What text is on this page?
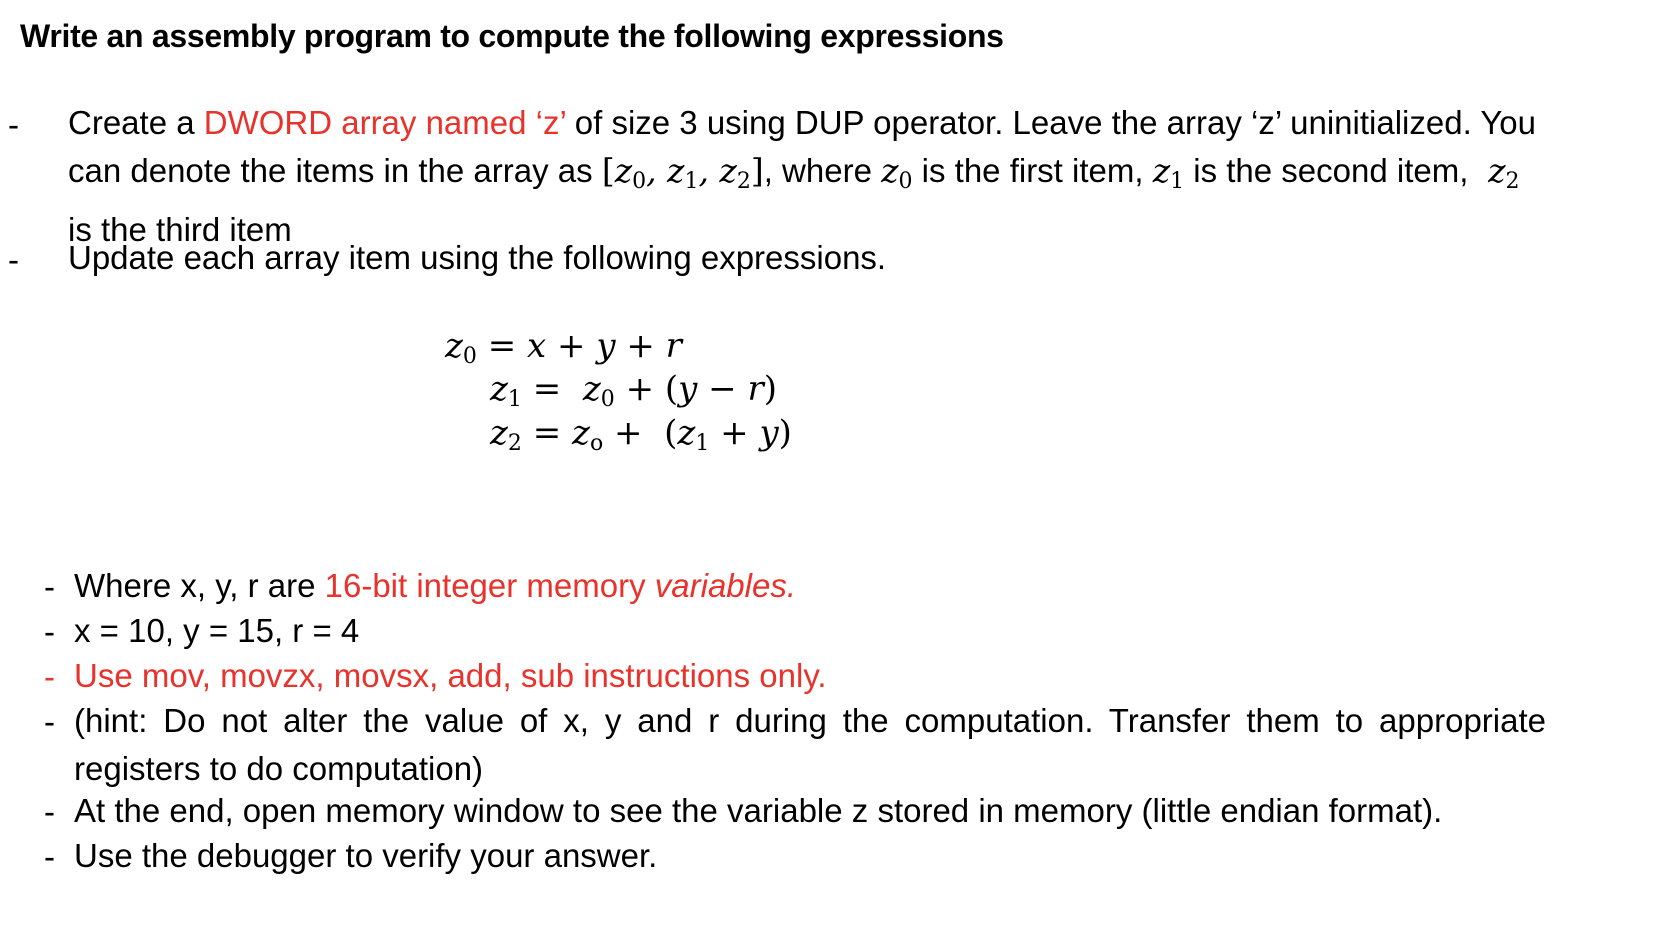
Write an assembly program to compute the following expressions
-
-
Create a DWORD array named ‘z’ of size 3 using DUP operator. Leave the array ‘z’ uninitialized. You
can denote the items in the array as [$z_0$, $z_1$, $z_2$], where $z_0$ is the first item, $z_1$ is the second item,  $z_2$
is the third item
Update each array item using the following expressions.
$z_0 = x + y + r$
$z_1 = z_0 + (y - r)$
$z_2 = z_o + (z_1 + y)$
-
-
-
-
-
-
Where x, y, r are 16-bit integer memory variables.
x = 10, y = 15, r = 4
Use mov, movzx, movsx, add, sub instructions only.
(hint: Do not alter the value of x, y and r during the computation. Transfer them to appropriate
registers to do computation)
At the end, open memory window to see the variable z stored in memory (little endian format).
Use the debugger to verify your answer.
